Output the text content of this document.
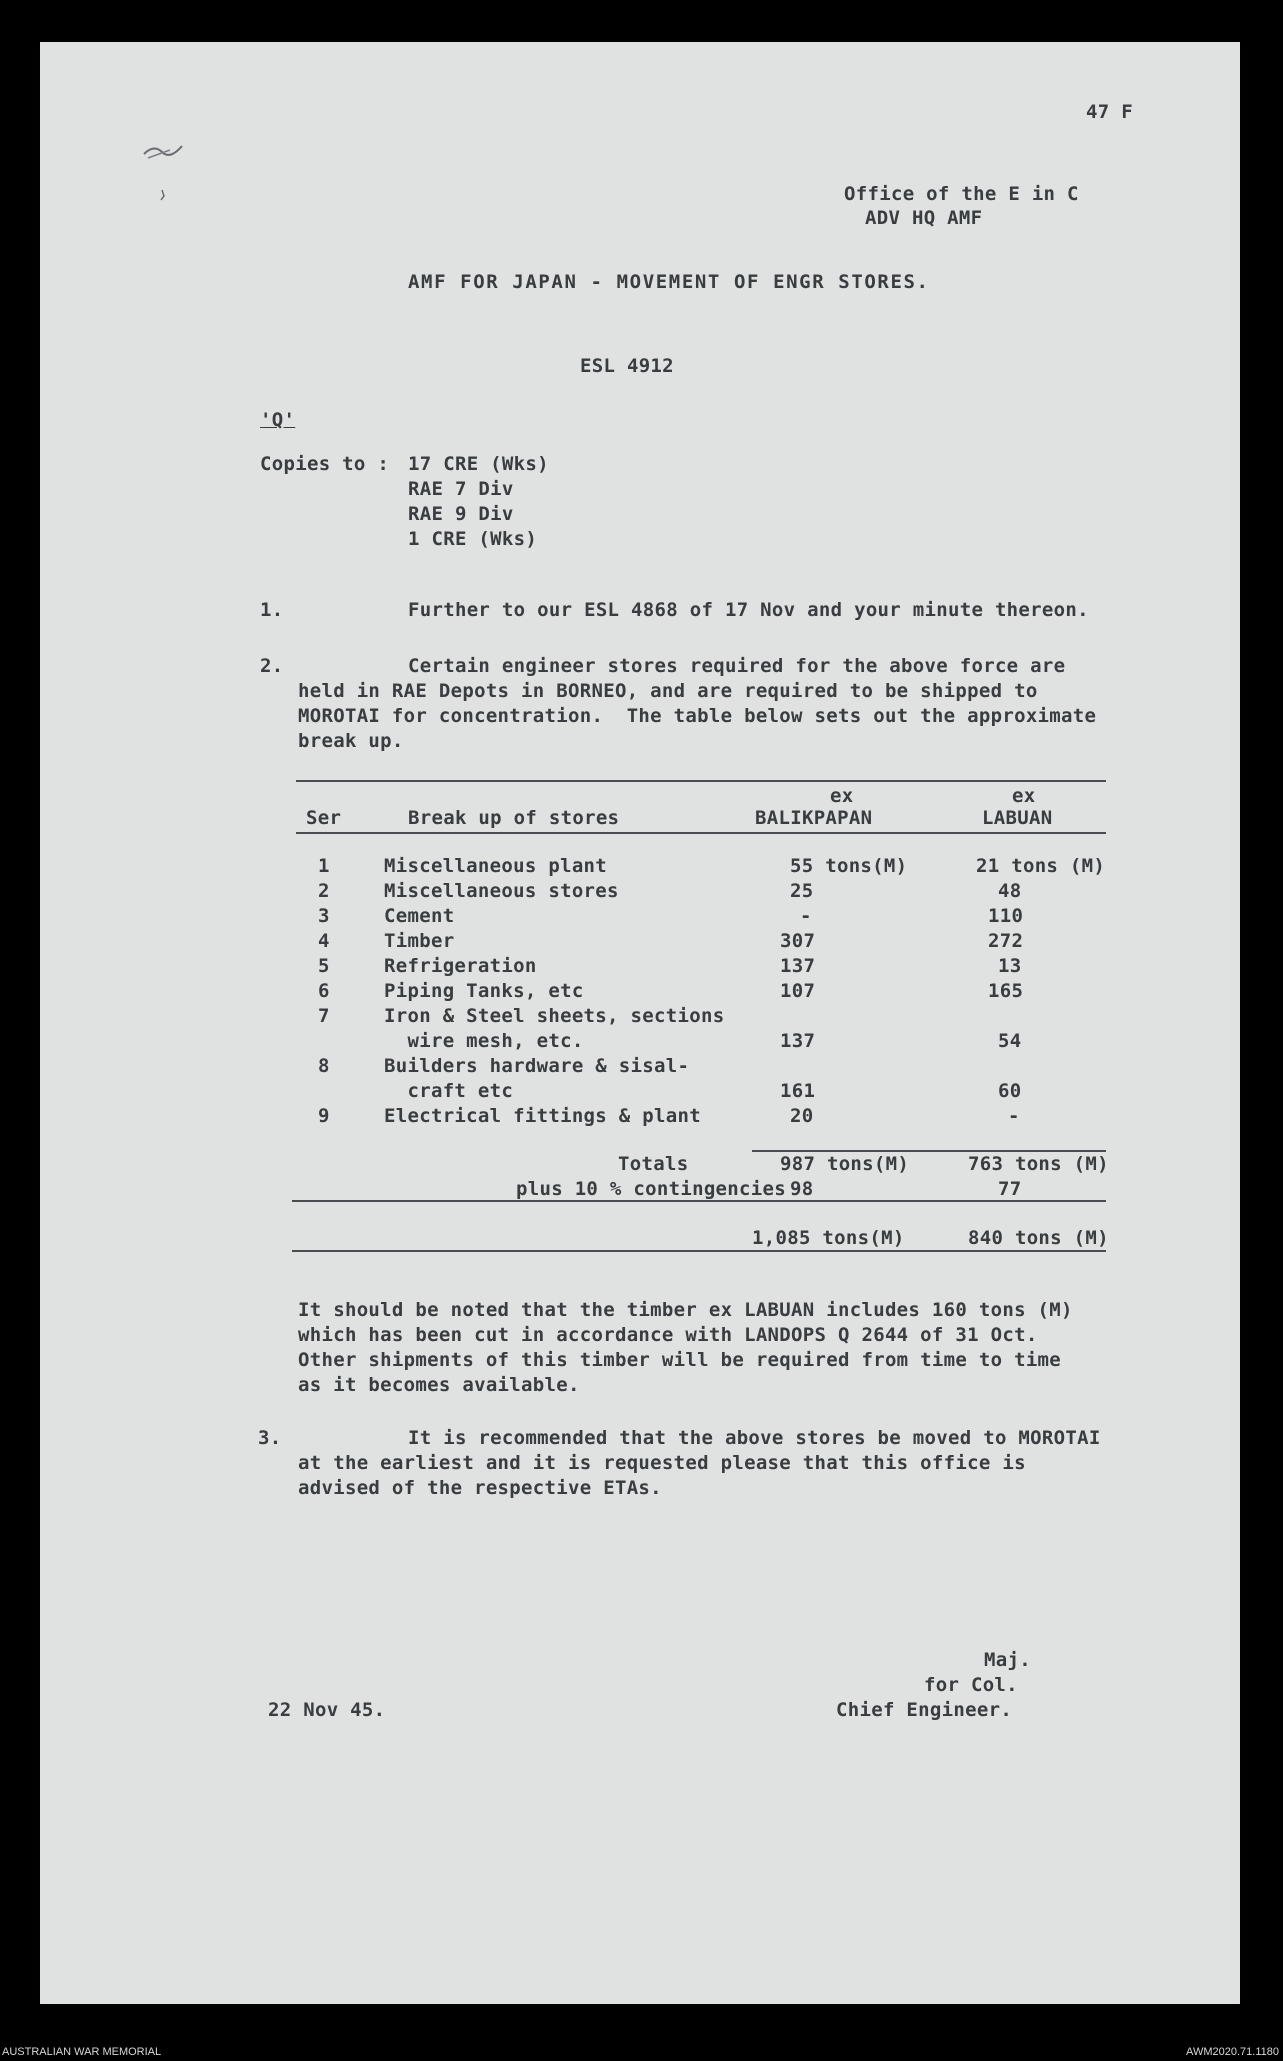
47 F
Office of the E in C
ADV HQ AMF
AMF FOR JAPAN - MOVEMENT OF ENGR STORES.
ESL 4912
'Q'
Copies to : 17 CRE (Wks)
RAE 7 Div
RAE 9 Div
1 CRE (Wks)
1.	Further to our ESL 4868 of 17 Nov and your minute thereon.
2.	Certain engineer stores required for the above force are
held in RAE Depots in BORNEO, and are required to be shipped to
MOROTAI for concentration.  The table below sets out the approximate
break up.
ex	ex
Ser	Break up of stores	BALIKPAPAN	LABUAN
1	Miscellaneous plant	55 tons(M)	21 tons (M)
2	Miscellaneous stores	25	48
3	Cement	-	110
4	Timber	307	272
5	Refrigeration	137	13
6	Piping Tanks, etc	107	165
7	Iron & Steel sheets, sections
wire mesh, etc.	137	54
8	Builders hardware & sisal-
craft etc	161	60
9	Electrical fittings & plant	20	-
Totals	987 tons(M)	763 tons (M)
plus 10 % contingencies 98	77
1,085 tons(M)	840 tons (M)
It should be noted that the timber ex LABUAN includes 160 tons (M)
which has been cut in accordance with LANDOPS Q 2644 of 31 Oct.
Other shipments of this timber will be required from time to time
as it becomes available.
3.	It is recommended that the above stores be moved to MOROTAI
at the earliest and it is requested please that this office is
advised of the respective ETAs.
Maj.
for Col.
Chief Engineer.
22 Nov 45.
AUSTRALIAN WAR MEMORIAL	AWM2020.71.1180
